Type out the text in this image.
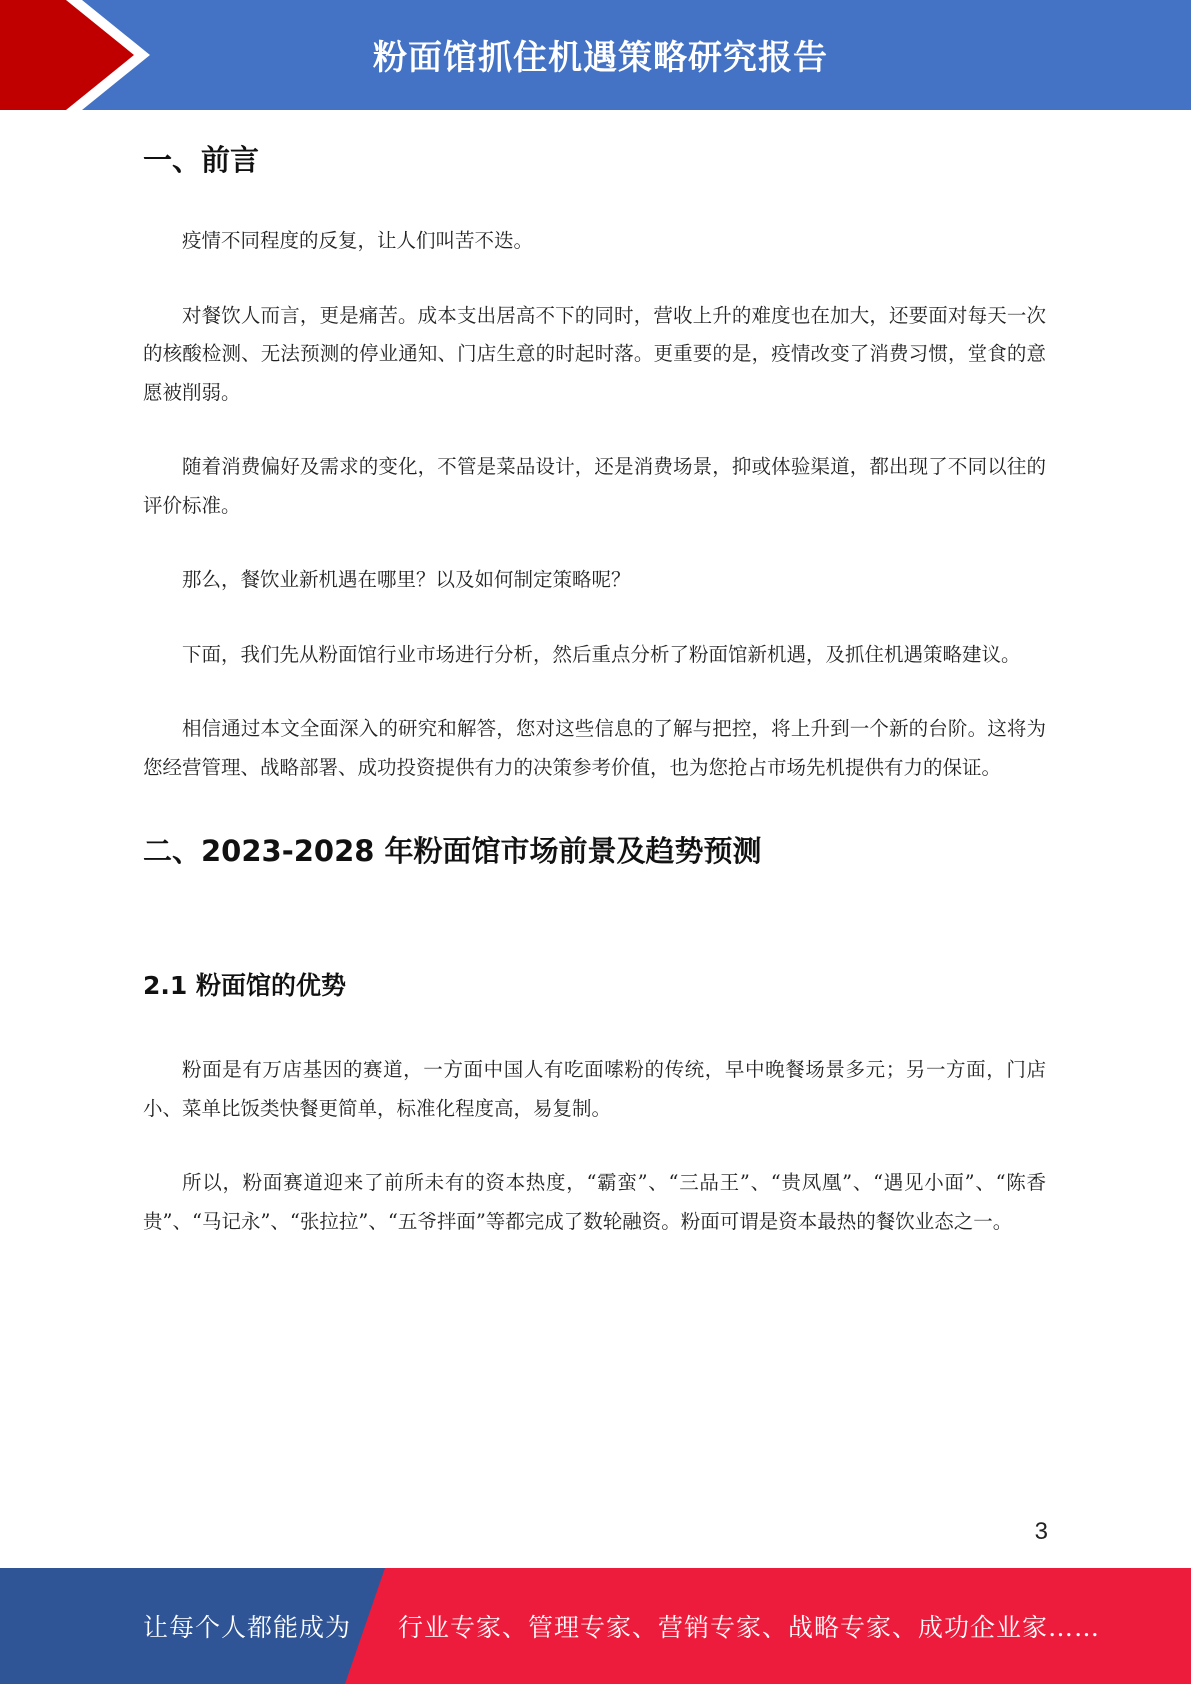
粉面馆抓住机遇策略研究报告
一、前言

疫情不同程度的反复，让人们叫苦不迭。

对餐饮人而言，更是痛苦。成本支出居高不下的同时，营收上升的难度也在加大，还要面对每天一次的核酸检测、无法预测的停业通知、门店生意的时起时落。更重要的是，疫情改变了消费习惯，堂食的意愿被削弱。

随着消费偏好及需求的变化，不管是菜品设计，还是消费场景，抑或体验渠道，都出现了不同以往的评价标准。

那么，餐饮业新机遇在哪里？以及如何制定策略呢？

下面，我们先从粉面馆行业市场进行分析，然后重点分析了粉面馆新机遇，及抓住机遇策略建议。

相信通过本文全面深入的研究和解答，您对这些信息的了解与把控，将上升到一个新的台阶。这将为您经营管理、战略部署、成功投资提供有力的决策参考价值，也为您抢占市场先机提供有力的保证。

二、2023-2028 年粉面馆市场前景及趋势预测
2.1 粉面馆的优势

粉面是有万店基因的赛道，一方面中国人有吃面嗦粉的传统，早中晚餐场景多元；另一方面，门店小、菜单比饭类快餐更简单，标准化程度高，易复制。

所以，粉面赛道迎来了前所未有的资本热度，“霸蛮”、“三品王”、“贵凤凰”、“遇见小面”、“陈香贵”、“马记永”、“张拉拉”、“五爷拌面”等都完成了数轮融资。粉面可谓是资本最热的餐饮业态之一。

3
让每个人都能成为 行业专家、管理专家、营销专家、战略专家、成功企业家……
